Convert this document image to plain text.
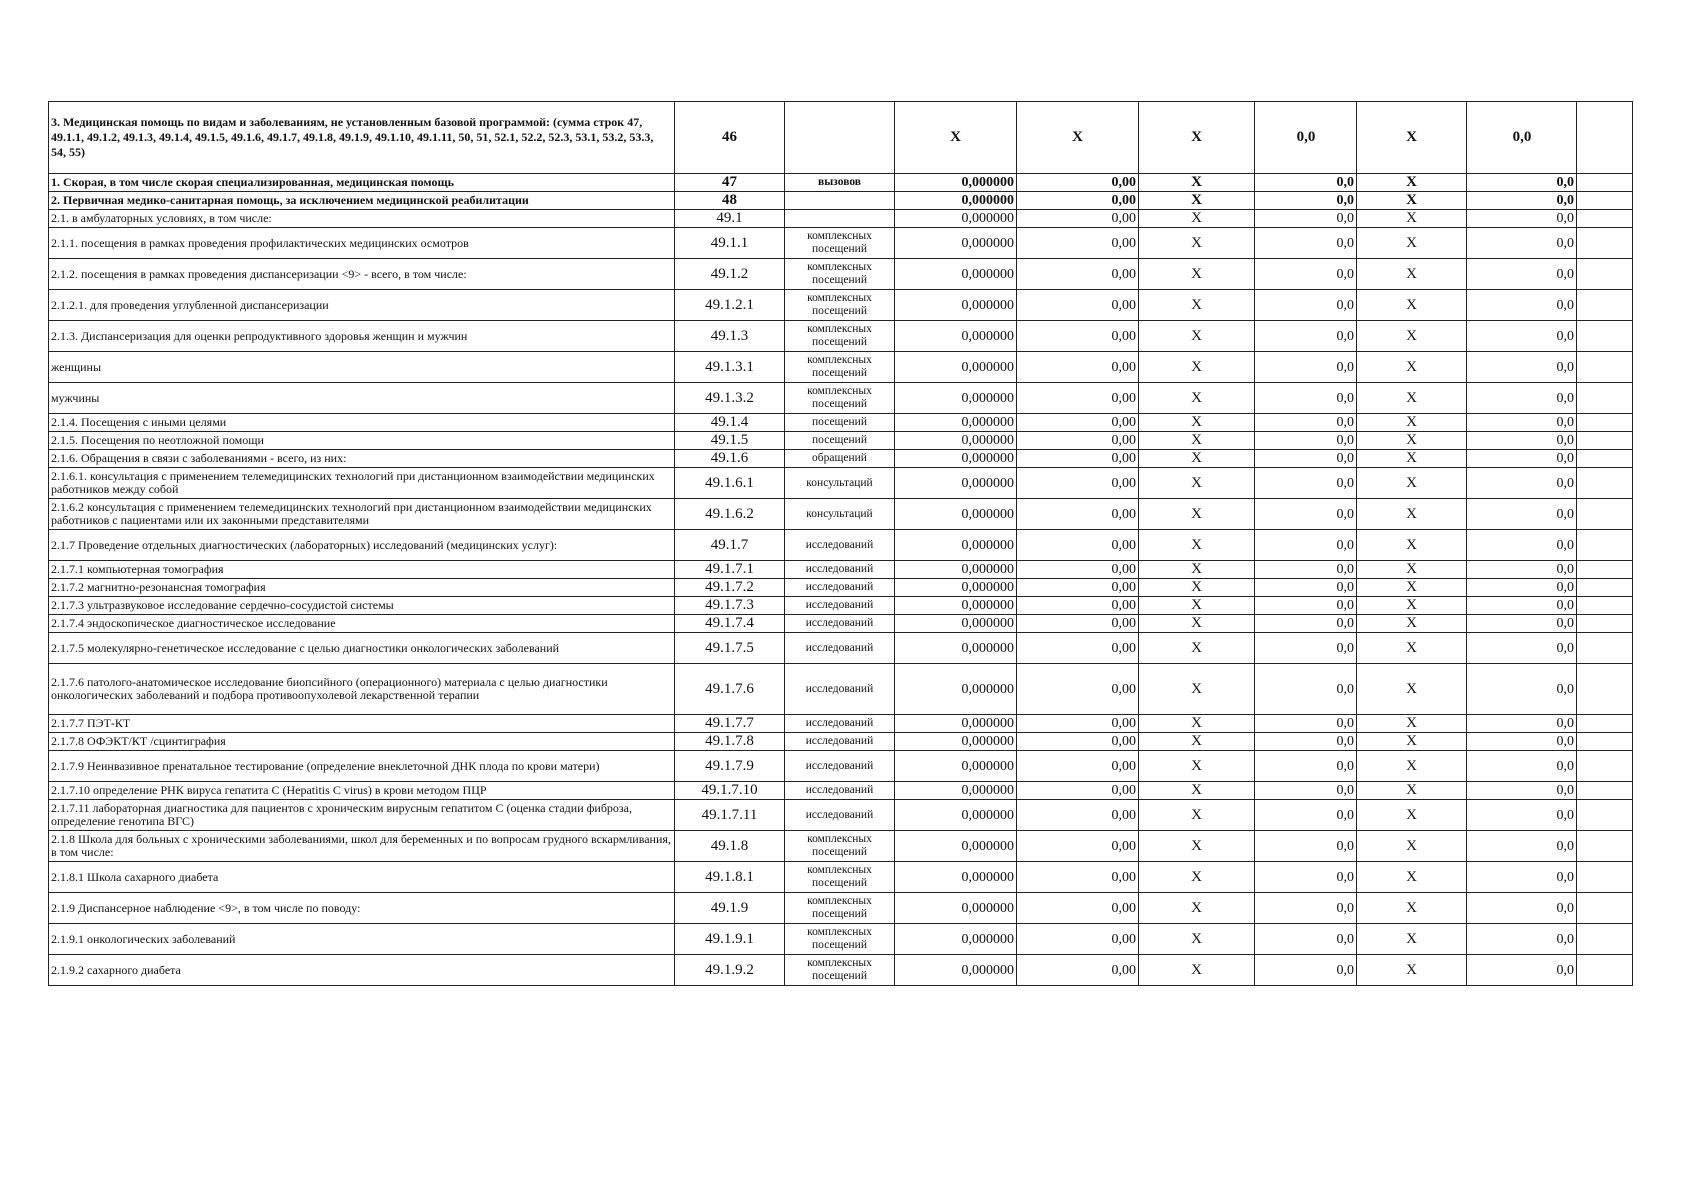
3. Медицинская помощь по видам и заболеваниям, не установленным базовой программой: (сумма строк 47, 49.1.1, 49.1.2, 49.1.3, 49.1.4, 49.1.5, 49.1.6, 49.1.7, 49.1.8, 49.1.9, 49.1.10, 49.1.11, 50, 51, 52.1, 52.2, 52.3, 53.1, 53.2, 53.3, 54, 55)	46		X	X	X	0,0	X	0,0	
1. Скорая, в том числе скорая специализированная, медицинская помощь	47	вызовов	0,000000	0,00	X	0,0	X	0,0	
2. Первичная медико-санитарная помощь, за исключением медицинской реабилитации	48		0,000000	0,00	X	0,0	X	0,0	
2.1. в амбулаторных условиях, в том числе:	49.1		0,000000	0,00	X	0,0	X	0,0	
2.1.1. посещения в рамках проведения профилактических медицинских осмотров	49.1.1	комплексных посещений	0,000000	0,00	X	0,0	X	0,0	
2.1.2. посещения в рамках проведения диспансеризации <9> - всего, в том числе:	49.1.2	комплексных посещений	0,000000	0,00	X	0,0	X	0,0	
2.1.2.1. для проведения углубленной диспансеризации	49.1.2.1	комплексных посещений	0,000000	0,00	X	0,0	X	0,0	
2.1.3. Диспансеризация для оценки репродуктивного здоровья женщин и мужчин	49.1.3	комплексных посещений	0,000000	0,00	X	0,0	X	0,0	
женщины	49.1.3.1	комплексных посещений	0,000000	0,00	X	0,0	X	0,0	
мужчины	49.1.3.2	комплексных посещений	0,000000	0,00	X	0,0	X	0,0	
2.1.4. Посещения с иными целями	49.1.4	посещений	0,000000	0,00	X	0,0	X	0,0	
2.1.5. Посещения по неотложной помощи	49.1.5	посещений	0,000000	0,00	X	0,0	X	0,0	
2.1.6. Обращения в связи с заболеваниями - всего, из них:	49.1.6	обращений	0,000000	0,00	X	0,0	X	0,0	
2.1.6.1. консультация с применением телемедицинских технологий при дистанционном взаимодействии медицинских работников между собой	49.1.6.1	консультаций	0,000000	0,00	X	0,0	X	0,0	
2.1.6.2 консультация с применением телемедицинских технологий при дистанционном взаимодействии медицинских работников с пациентами или их законными представителями	49.1.6.2	консультаций	0,000000	0,00	X	0,0	X	0,0	
2.1.7 Проведение отдельных диагностических (лабораторных) исследований (медицинских услуг):	49.1.7	исследований	0,000000	0,00	X	0,0	X	0,0	
2.1.7.1 компьютерная томография	49.1.7.1	исследований	0,000000	0,00	X	0,0	X	0,0	
2.1.7.2 магнитно-резонансная томография	49.1.7.2	исследований	0,000000	0,00	X	0,0	X	0,0	
2.1.7.3 ультразвуковое исследование сердечно-сосудистой системы	49.1.7.3	исследований	0,000000	0,00	X	0,0	X	0,0	
2.1.7.4 эндоскопическое диагностическое исследование	49.1.7.4	исследований	0,000000	0,00	X	0,0	X	0,0	
2.1.7.5 молекулярно-генетическое исследование с целью диагностики онкологических заболеваний	49.1.7.5	исследований	0,000000	0,00	X	0,0	X	0,0	
2.1.7.6 патолого-анатомическое исследование биопсийного (операционного) материала с целью диагностики онкологических заболеваний и подбора противоопухолевой лекарственной терапии	49.1.7.6	исследований	0,000000	0,00	X	0,0	X	0,0	
2.1.7.7 ПЭТ-КТ	49.1.7.7	исследований	0,000000	0,00	X	0,0	X	0,0	
2.1.7.8 ОФЭКТ/КТ /сцинтиграфия	49.1.7.8	исследований	0,000000	0,00	X	0,0	X	0,0	
2.1.7.9 Неинвазивное пренатальное тестирование (определение внеклеточной ДНК плода по крови матери)	49.1.7.9	исследований	0,000000	0,00	X	0,0	X	0,0	
2.1.7.10 определение РНК вируса гепатита С (Hepatitis C virus) в крови методом ПЦР	49.1.7.10	исследований	0,000000	0,00	X	0,0	X	0,0	
2.1.7.11 лабораторная диагностика для пациентов с хроническим вирусным гепатитом С (оценка стадии фиброза, определение генотипа ВГС)	49.1.7.11	исследований	0,000000	0,00	X	0,0	X	0,0	
2.1.8 Школа для больных с хроническими заболеваниями, школ для беременных и по вопросам грудного вскармливания, в том числе:	49.1.8	комплексных посещений	0,000000	0,00	X	0,0	X	0,0	
2.1.8.1 Школа сахарного диабета	49.1.8.1	комплексных посещений	0,000000	0,00	X	0,0	X	0,0	
2.1.9 Диспансерное наблюдение <9>, в том числе по поводу:	49.1.9	комплексных посещений	0,000000	0,00	X	0,0	X	0,0	
2.1.9.1 онкологических заболеваний	49.1.9.1	комплексных посещений	0,000000	0,00	X	0,0	X	0,0	
2.1.9.2 сахарного диабета	49.1.9.2	комплексных посещений	0,000000	0,00	X	0,0	X	0,0	
